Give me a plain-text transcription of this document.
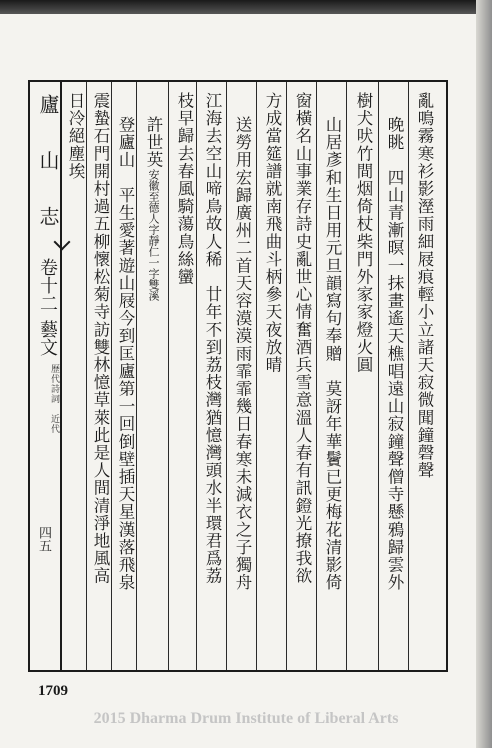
廬
山
志
卷十二
藝文
歷代詩詞　近代
四五
亂鳴霧寒衫影溼雨細屐痕輕小立諸天寂微聞鐘磬聲
晚眺　四山青漸暝一抹畫遙天樵唱遠山寂鐘聲僧寺懸鴉歸雲外
樹犬吠竹間烟倚杖柴門外家家燈火圓
山居彥和生日用元旦韻寫句奉贈　莫訝年華鬢已更梅花清影倚
窗橫名山事業存詩史亂世心情奮酒兵雪意溫人春有訊鐙光撩我欲
方成當筵譜就南飛曲斗柄參天夜放晴
送勞用宏歸廣州二首天容漠漠雨霏霏幾日春寒未減衣之子獨舟
江海去空山啼鳥故人稀　廿年不到荔枝灣猶憶灣頭水半環君爲荔
枝早歸去春風騎蕩鳥絲蠻
許世英安徽至德人字靜仁一字雙溪
登廬山　平生愛著遊山屐今到匡廬第一回倒壁插天星漢落飛泉
震蟄石門開村過五柳懷松菊寺訪雙林憶草萊此是人間清淨地風高
日冷絕塵埃
1709
2015 Dharma Drum Institute of Liberal Arts
